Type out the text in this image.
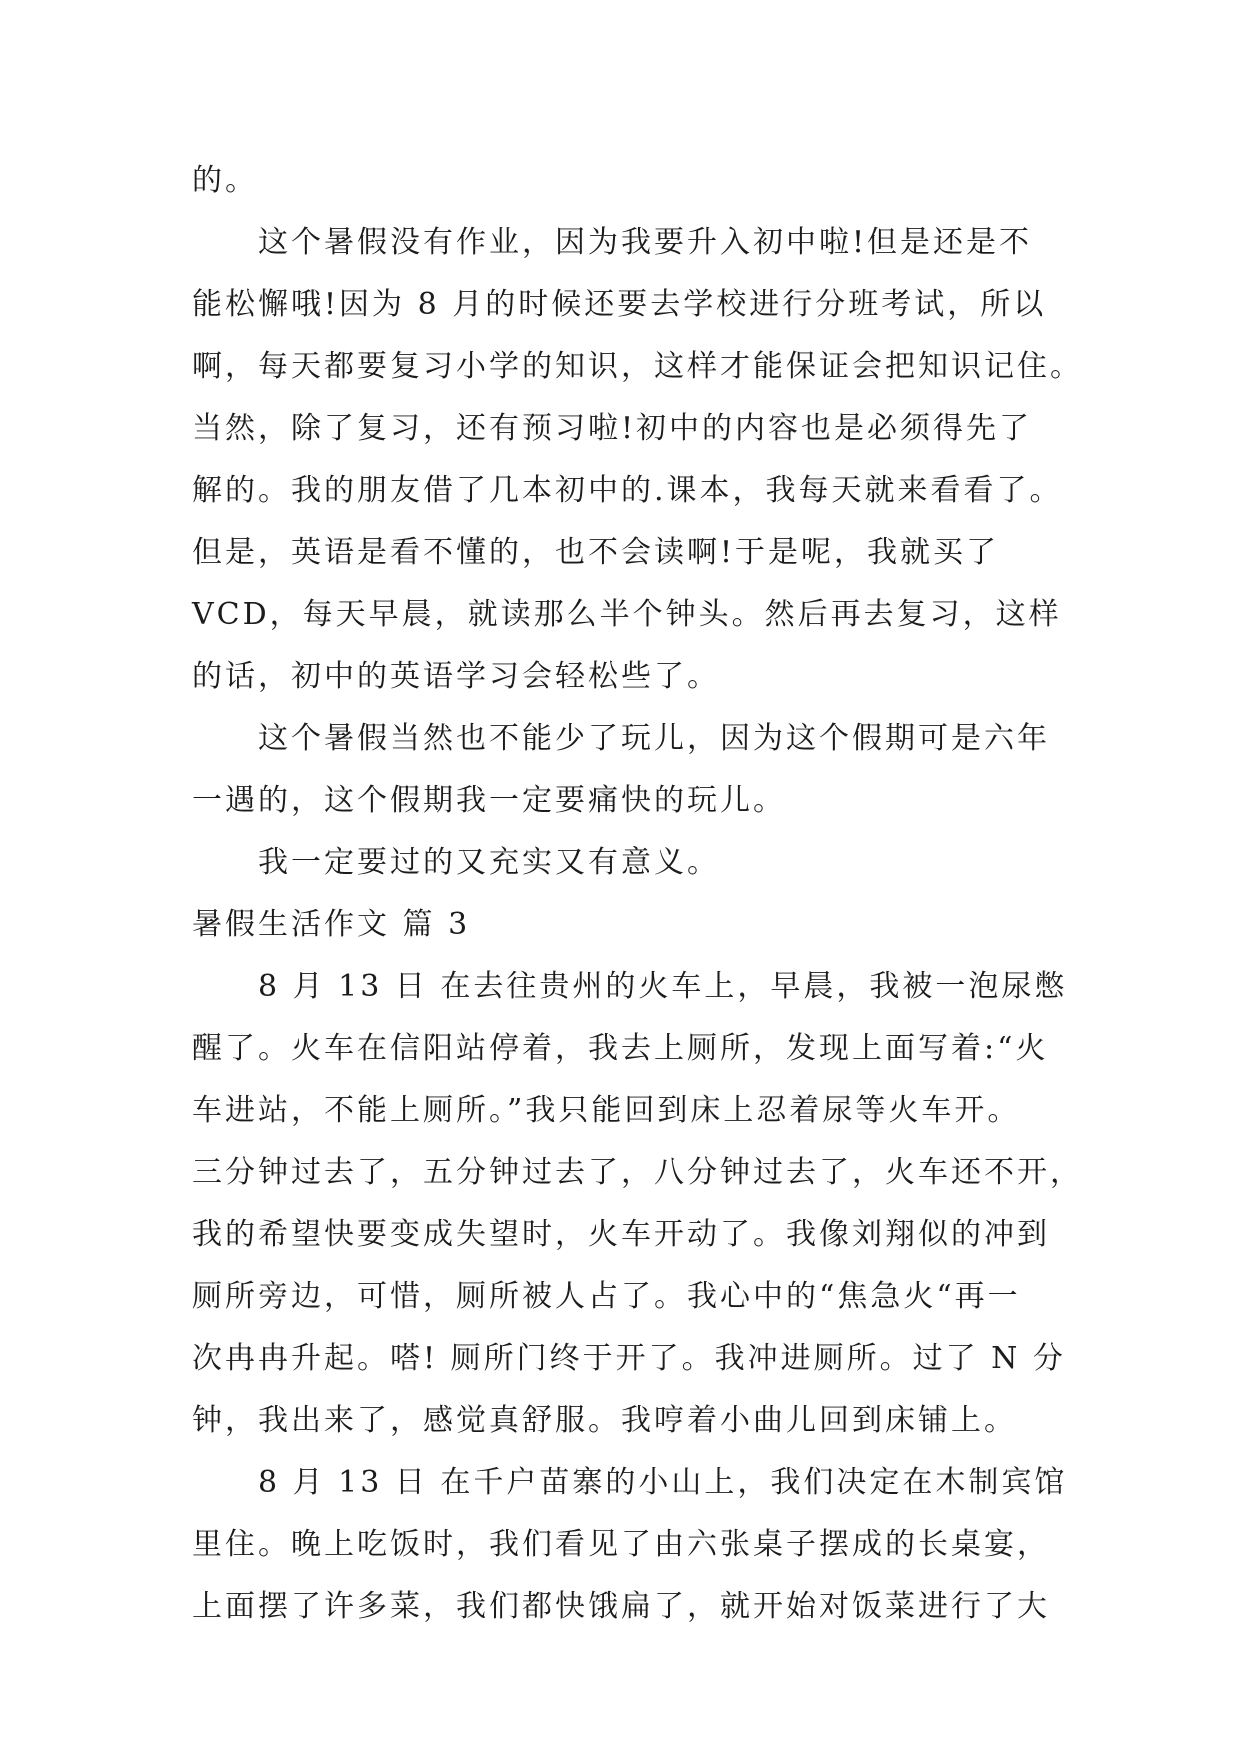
的。
　　这个暑假没有作业，因为我要升入初中啦!但是还是不
能松懈哦!因为 8 月的时候还要去学校进行分班考试，所以
啊，每天都要复习小学的知识，这样才能保证会把知识记住。
当然，除了复习，还有预习啦!初中的内容也是必须得先了
解的。我的朋友借了几本初中的.课本，我每天就来看看了。
但是，英语是看不懂的，也不会读啊!于是呢，我就买了
VCD，每天早晨，就读那么半个钟头。然后再去复习，这样
的话，初中的英语学习会轻松些了。
　　这个暑假当然也不能少了玩儿，因为这个假期可是六年
一遇的，这个假期我一定要痛快的玩儿。
　　我一定要过的又充实又有意义。
暑假生活作文 篇 3
　　8 月 13 日 在去往贵州的火车上，早晨，我被一泡尿憋
醒了。火车在信阳站停着，我去上厕所，发现上面写着:“火
车进站，不能上厕所。”我只能回到床上忍着尿等火车开。
三分钟过去了，五分钟过去了，八分钟过去了，火车还不开，
我的希望快要变成失望时，火车开动了。我像刘翔似的冲到
厕所旁边，可惜，厕所被人占了。我心中的“焦急火“再一
次冉冉升起。嗒! 厕所门终于开了。我冲进厕所。过了 N 分
钟，我出来了，感觉真舒服。我哼着小曲儿回到床铺上。
　　8 月 13 日 在千户苗寨的小山上，我们决定在木制宾馆
里住。晚上吃饭时，我们看见了由六张桌子摆成的长桌宴，
上面摆了许多菜，我们都快饿扁了，就开始对饭菜进行了大
